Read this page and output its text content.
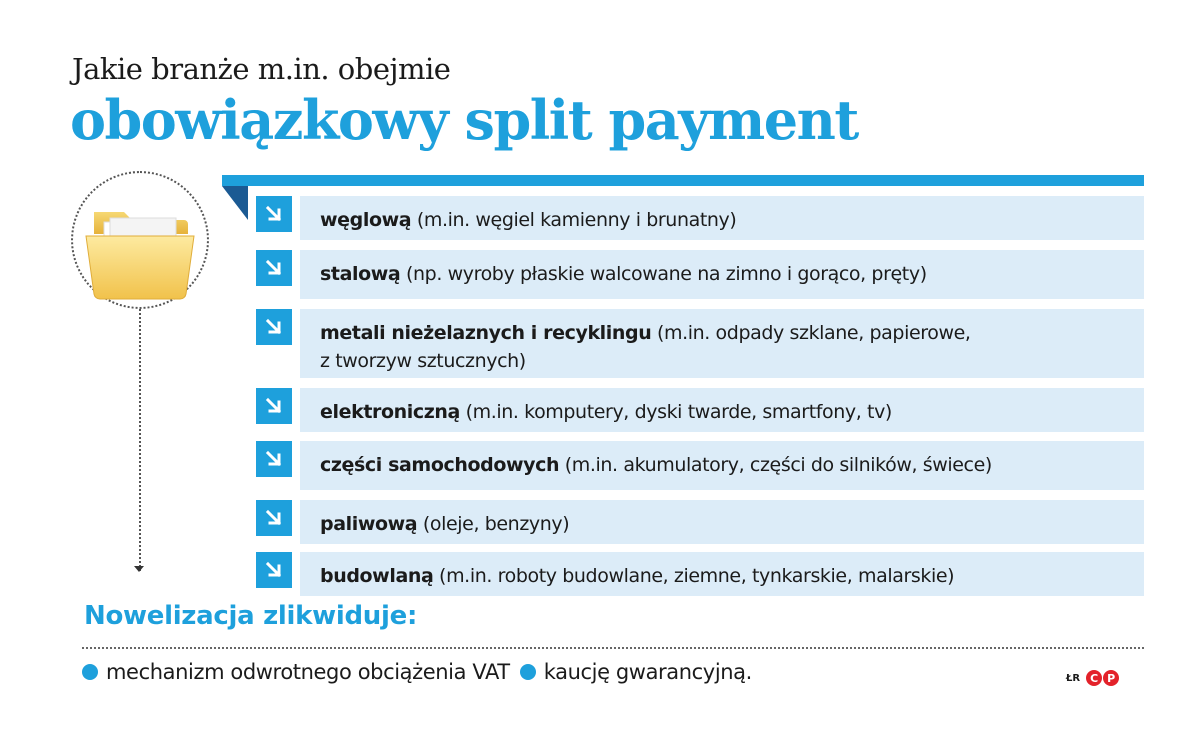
Jakie branże m.in. obejmie
obowiązkowy split payment
węglową (m.in. węgiel kamienny i brunatny)
stalową (np. wyroby płaskie walcowane na zimno i gorąco, pręty)
metali nieżelaznych i recyklingu (m.in. odpady szklane, papierowe,
z tworzyw sztucznych)
elektroniczną (m.in. komputery, dyski twarde, smartfony, tv)
części samochodowych (m.in. akumulatory, części do silników, świece)
paliwową (oleje, benzyny)
budowlaną (m.in. roboty budowlane, ziemne, tynkarskie, malarskie)
Nowelizacja zlikwiduje:
mechanizm odwrotnego obciążenia VAT kaucję gwarancyjną.	ŁR C P
